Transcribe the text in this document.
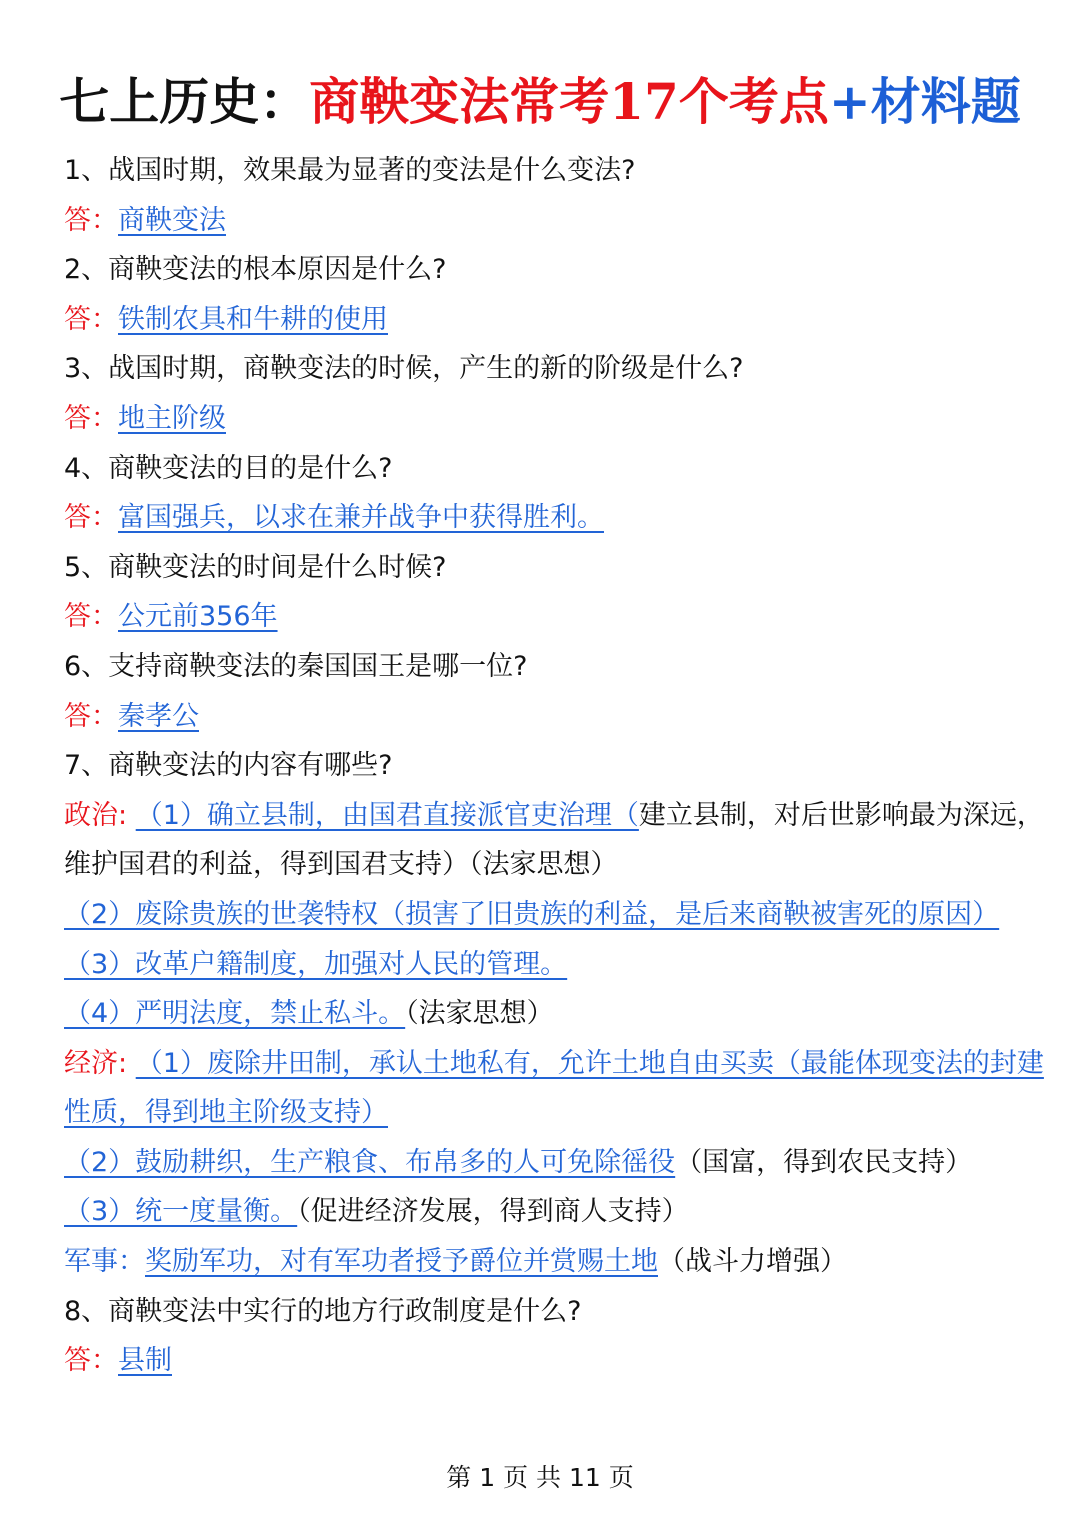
七上历史：商鞅变法常考17个考点+材料题
1、战国时期，效果最为显著的变法是什么变法?
答：商鞅变法
2、商鞅变法的根本原因是什么?
答：铁制农具和牛耕的使用
3、战国时期，商鞅变法的时候，产生的新的阶级是什么?
答：地主阶级
4、商鞅变法的目的是什么?
答：富国强兵，以求在兼并战争中获得胜利。
5、商鞅变法的时间是什么时候?
答：公元前356年
6、支持商鞅变法的秦国国王是哪一位?
答：秦孝公
7、商鞅变法的内容有哪些?
政治: （1）确立县制，由国君直接派官吏治理（建立县制，对后世影响最为深远，维护国君的利益，得到国君支持）（法家思想）
（2）废除贵族的世袭特权（损害了旧贵族的利益，是后来商鞅被害死的原因）
（3）改革户籍制度，加强对人民的管理。
（4）严明法度，禁止私斗。（法家思想）
经济: （1）废除井田制，承认土地私有，允许土地自由买卖（最能体现变法的封建性质，得到地主阶级支持）
（2）鼓励耕织，生产粮食、布帛多的人可免除徭役（国富，得到农民支持）
（3）统一度量衡。（促进经济发展，得到商人支持）
军事：奖励军功，对有军功者授予爵位并赏赐土地（战斗力增强）
8、商鞅变法中实行的地方行政制度是什么?
答：县制
第 1 页 共 11 页
